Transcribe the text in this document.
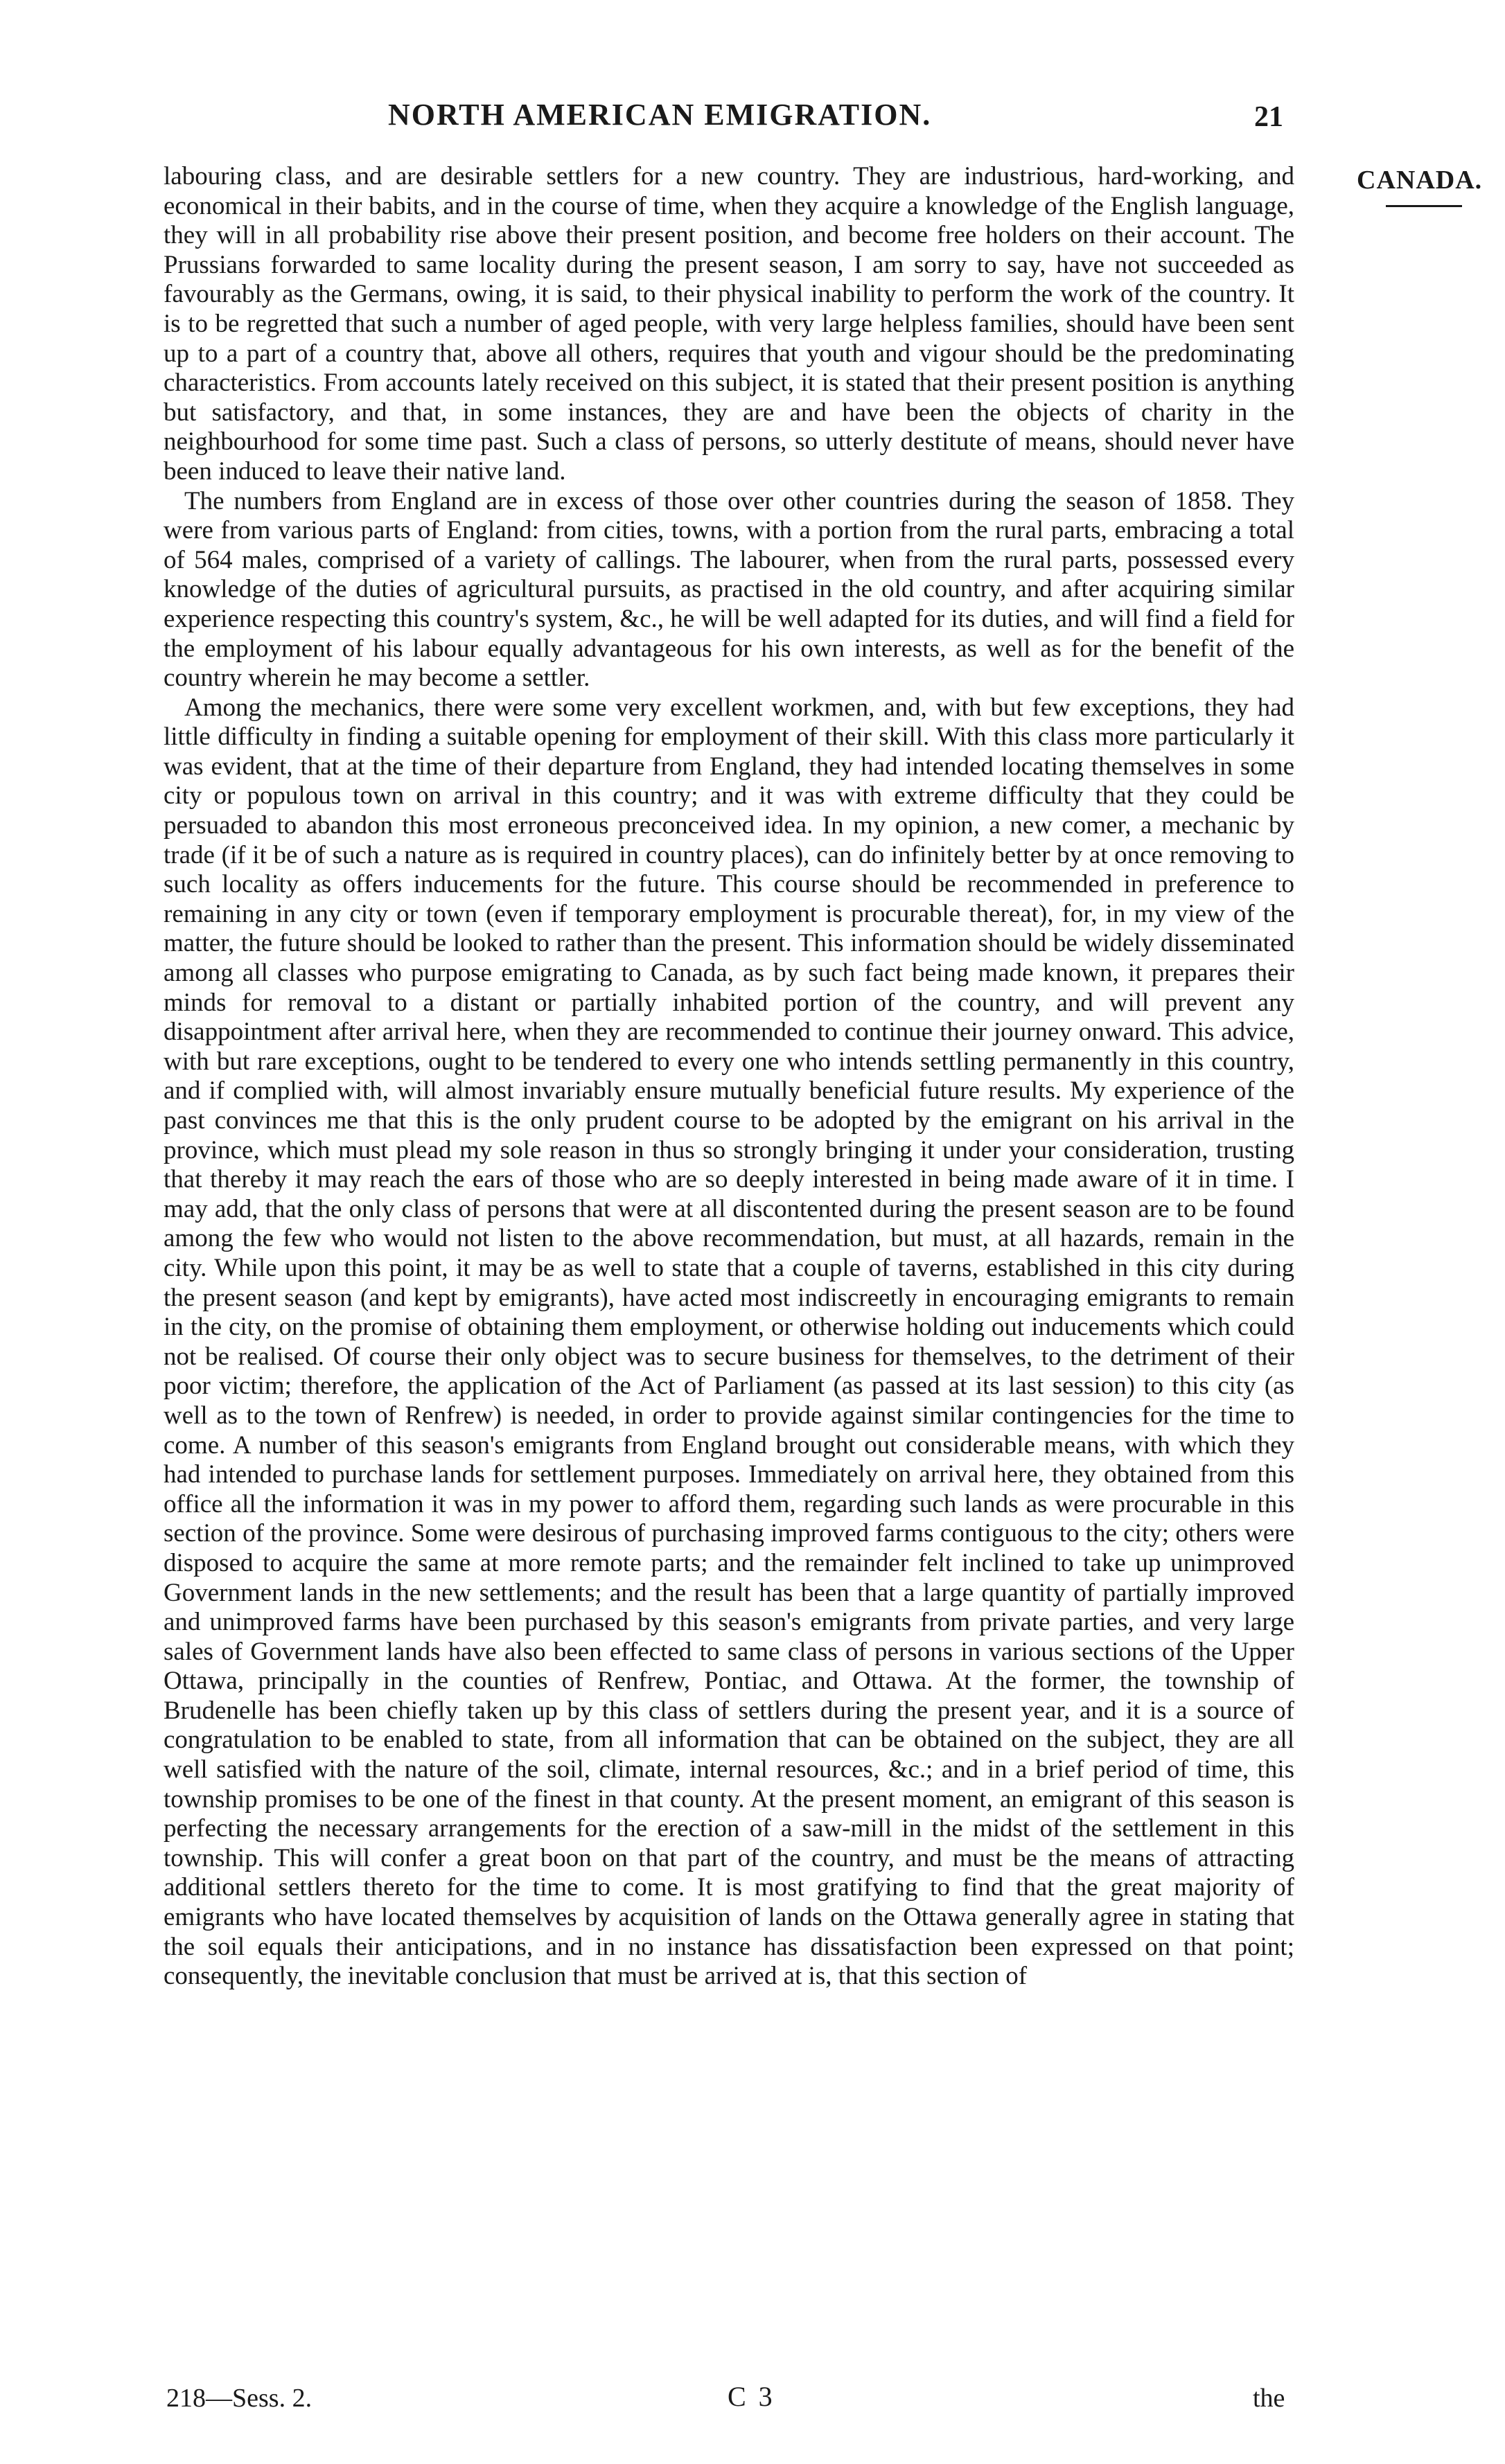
NORTH AMERICAN EMIGRATION.	21
CANADA.

labouring class, and are desirable settlers for a new country. They are industrious, hard-working, and economical in their babits, and in the course of time, when they acquire a knowledge of the English language, they will in all probability rise above their present position, and become free holders on their account. The Prussians forwarded to same locality during the present season, I am sorry to say, have not succeeded as favourably as the Germans, owing, it is said, to their physical inability to perform the work of the country. It is to be regretted that such a number of aged people, with very large helpless families, should have been sent up to a part of a country that, above all others, requires that youth and vigour should be the predominating characteristics. From accounts lately received on this subject, it is stated that their present position is anything but satisfactory, and that, in some instances, they are and have been the objects of charity in the neighbourhood for some time past. Such a class of persons, so utterly destitute of means, should never have been induced to leave their native land.

The numbers from England are in excess of those over other countries during the season of 1858. They were from various parts of England: from cities, towns, with a portion from the rural parts, embracing a total of 564 males, comprised of a variety of callings. The labourer, when from the rural parts, possessed every knowledge of the duties of agricultural pursuits, as practised in the old country, and after acquiring similar experience respecting this country's system, &c., he will be well adapted for its duties, and will find a field for the employment of his labour equally advantageous for his own interests, as well as for the benefit of the country wherein he may become a settler.

Among the mechanics, there were some very excellent workmen, and, with but few exceptions, they had little difficulty in finding a suitable opening for employment of their skill. With this class more particularly it was evident, that at the time of their departure from England, they had intended locating themselves in some city or populous town on arrival in this country; and it was with extreme difficulty that they could be persuaded to abandon this most erroneous preconceived idea. In my opinion, a new comer, a mechanic by trade (if it be of such a nature as is required in country places), can do infinitely better by at once removing to such locality as offers inducements for the future. This course should be recommended in preference to remaining in any city or town (even if temporary employment is procurable thereat), for, in my view of the matter, the future should be looked to rather than the present. This information should be widely disseminated among all classes who purpose emigrating to Canada, as by such fact being made known, it prepares their minds for removal to a distant or partially inhabited portion of the country, and will prevent any disappointment after arrival here, when they are recommended to continue their journey onward. This advice, with but rare exceptions, ought to be tendered to every one who intends settling permanently in this country, and if complied with, will almost invariably ensure mutually beneficial future results. My experience of the past convinces me that this is the only prudent course to be adopted by the emigrant on his arrival in the province, which must plead my sole reason in thus so strongly bringing it under your consideration, trusting that thereby it may reach the ears of those who are so deeply interested in being made aware of it in time. I may add, that the only class of persons that were at all discontented during the present season are to be found among the few who would not listen to the above recommendation, but must, at all hazards, remain in the city. While upon this point, it may be as well to state that a couple of taverns, established in this city during the present season (and kept by emigrants), have acted most indiscreetly in encouraging emigrants to remain in the city, on the promise of obtaining them employment, or otherwise holding out inducements which could not be realised. Of course their only object was to secure business for themselves, to the detriment of their poor victim; therefore, the application of the Act of Parliament (as passed at its last session) to this city (as well as to the town of Renfrew) is needed, in order to provide against similar contingencies for the time to come. A number of this season's emigrants from England brought out considerable means, with which they had intended to purchase lands for settlement purposes. Immediately on arrival here, they obtained from this office all the information it was in my power to afford them, regarding such lands as were procurable in this section of the province. Some were desirous of purchasing improved farms contiguous to the city; others were disposed to acquire the same at more remote parts; and the remainder felt inclined to take up unimproved Government lands in the new settlements; and the result has been that a large quantity of partially improved and unimproved farms have been purchased by this season's emigrants from private parties, and very large sales of Government lands have also been effected to same class of persons in various sections of the Upper Ottawa, principally in the counties of Renfrew, Pontiac, and Ottawa. At the former, the township of Brudenelle has been chiefly taken up by this class of settlers during the present year, and it is a source of congratulation to be enabled to state, from all information that can be obtained on the subject, they are all well satisfied with the nature of the soil, climate, internal resources, &c.; and in a brief period of time, this township promises to be one of the finest in that county. At the present moment, an emigrant of this season is perfecting the necessary arrangements for the erection of a saw-mill in the midst of the settlement in this township. This will confer a great boon on that part of the country, and must be the means of attracting additional settlers thereto for the time to come. It is most gratifying to find that the great majority of emigrants who have located themselves by acquisition of lands on the Ottawa generally agree in stating that the soil equals their anticipations, and in no instance has dissatisfaction been expressed on that point; consequently, the inevitable conclusion that must be arrived at is, that this section of

218—Sess. 2.	C 3	the
